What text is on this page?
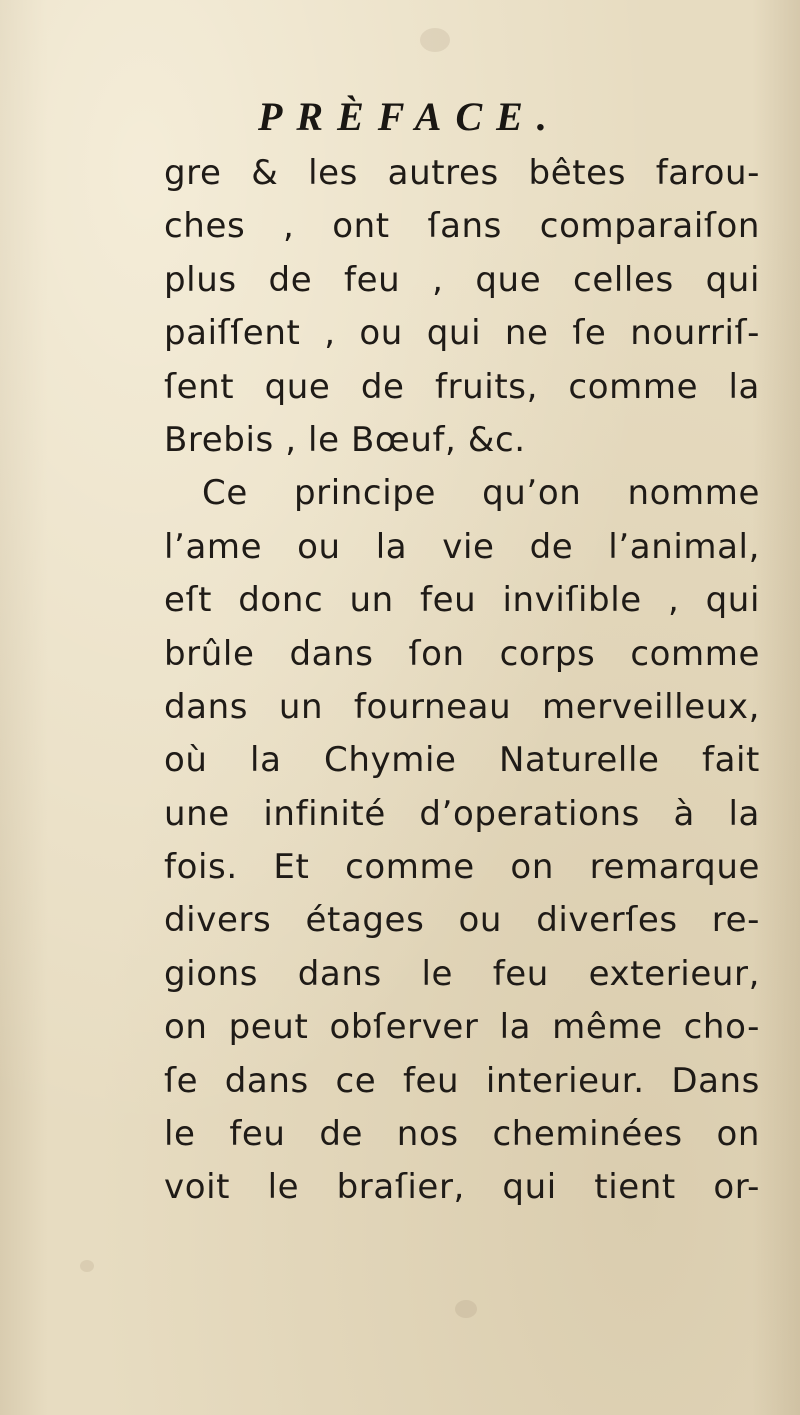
PRÈFACE.
gre & les autres bêtes farou-
ches , ont ſans comparaiſon
plus de feu , que celles qui
paiſſent , ou qui ne ſe nourriſ-
ſent que de fruits, comme la
Brebis , le Bœuf, &c.
Ce principe qu’on nomme
l’ame ou la vie de l’animal,
eſt donc un feu inviſible , qui
brûle dans ſon corps comme
dans un fourneau merveilleux,
où la Chymie Naturelle fait
une infinité d’operations à la
fois. Et comme on remarque
divers étages ou diverſes re-
gions dans le feu exterieur,
on peut obſerver la même cho-
ſe dans ce feu interieur. Dans
le feu de nos cheminées on
voit le braſier, qui tient or-
